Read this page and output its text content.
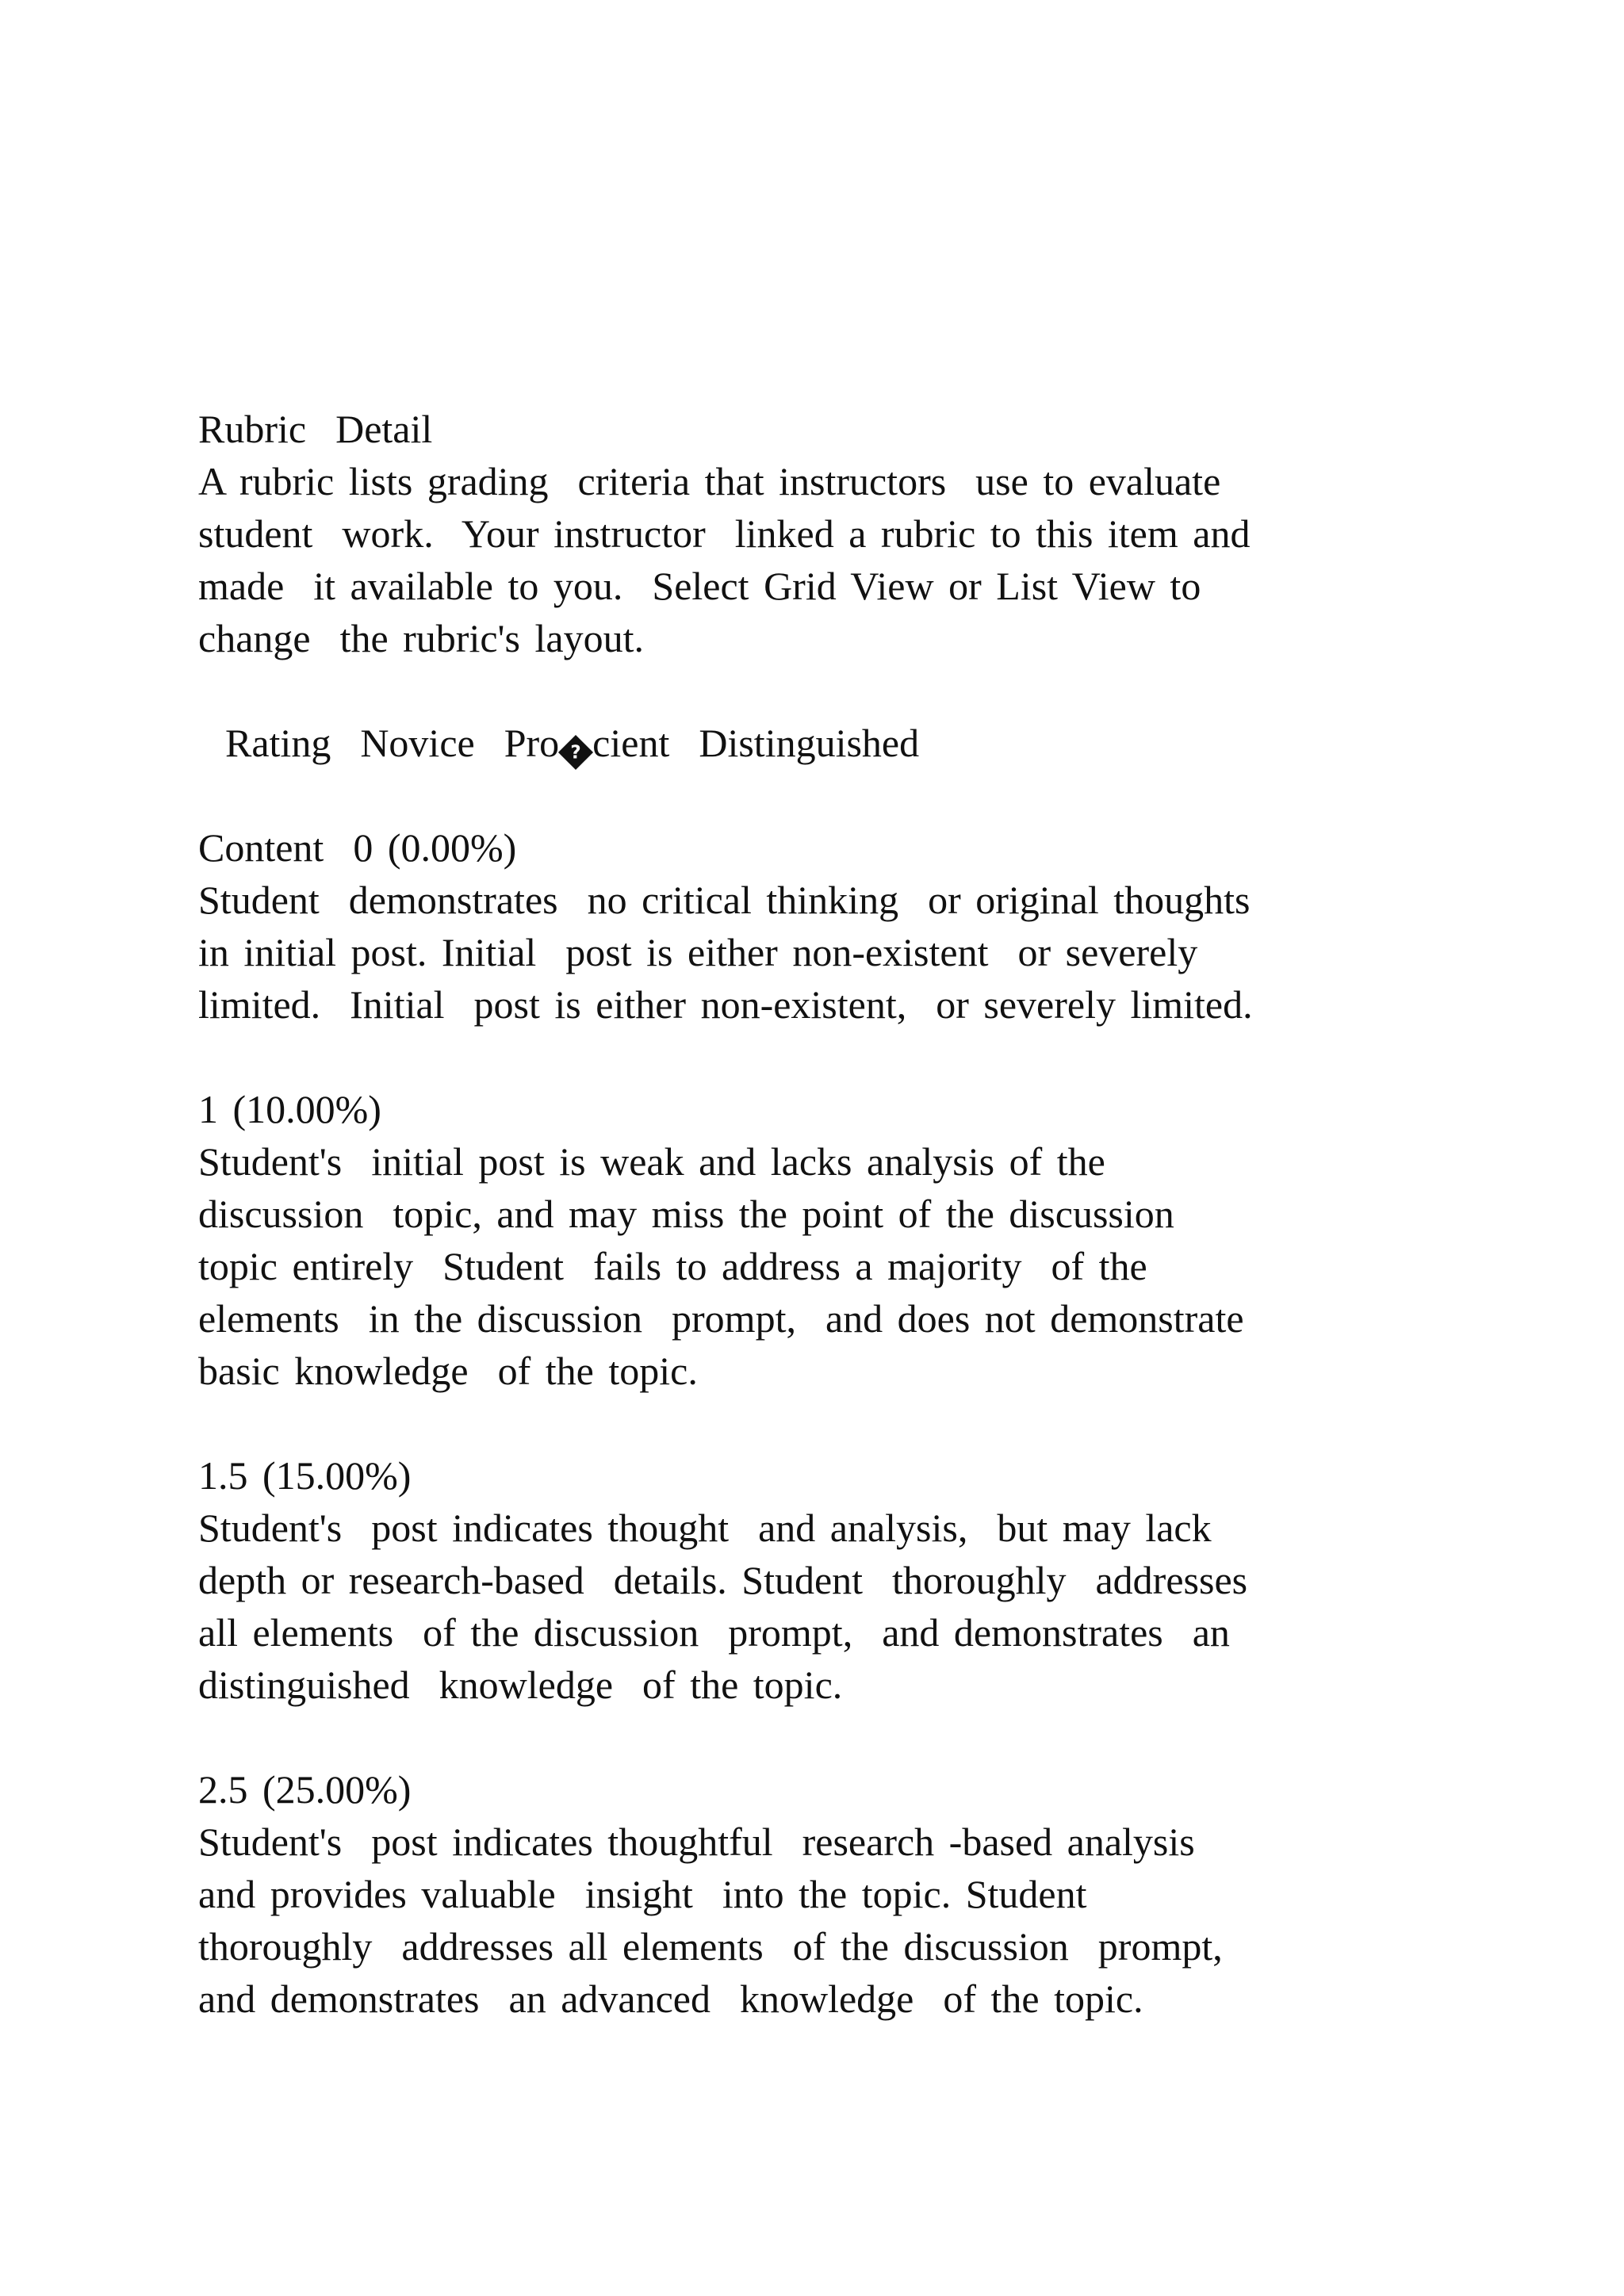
Rubric  Detail
A rubric lists grading  criteria that instructors  use to evaluate
student  work.  Your instructor  linked a rubric to this item and
made  it available to you.  Select Grid View or List View to
change  the rubric's layout.
Rating  Novice  Pro ? cient  Distinguished
Content  0 (0.00%)
Student  demonstrates  no critical thinking  or original thoughts
in initial post. Initial  post is either non-existent  or severely
limited.  Initial  post is either non-existent,  or severely limited.
1 (10.00%)
Student's  initial post is weak and lacks analysis of the
discussion  topic, and may miss the point of the discussion
topic entirely  Student  fails to address a majority  of the
elements  in the discussion  prompt,  and does not demonstrate
basic knowledge  of the topic.
1.5 (15.00%)
Student's  post indicates thought  and analysis,  but may lack
depth or research-based  details. Student  thoroughly  addresses
all elements  of the discussion  prompt,  and demonstrates  an
distinguished  knowledge  of the topic.
2.5 (25.00%)
Student's  post indicates thoughtful  research -based analysis
and provides valuable  insight  into the topic. Student
thoroughly  addresses all elements  of the discussion  prompt,
and demonstrates  an advanced  knowledge  of the topic.
